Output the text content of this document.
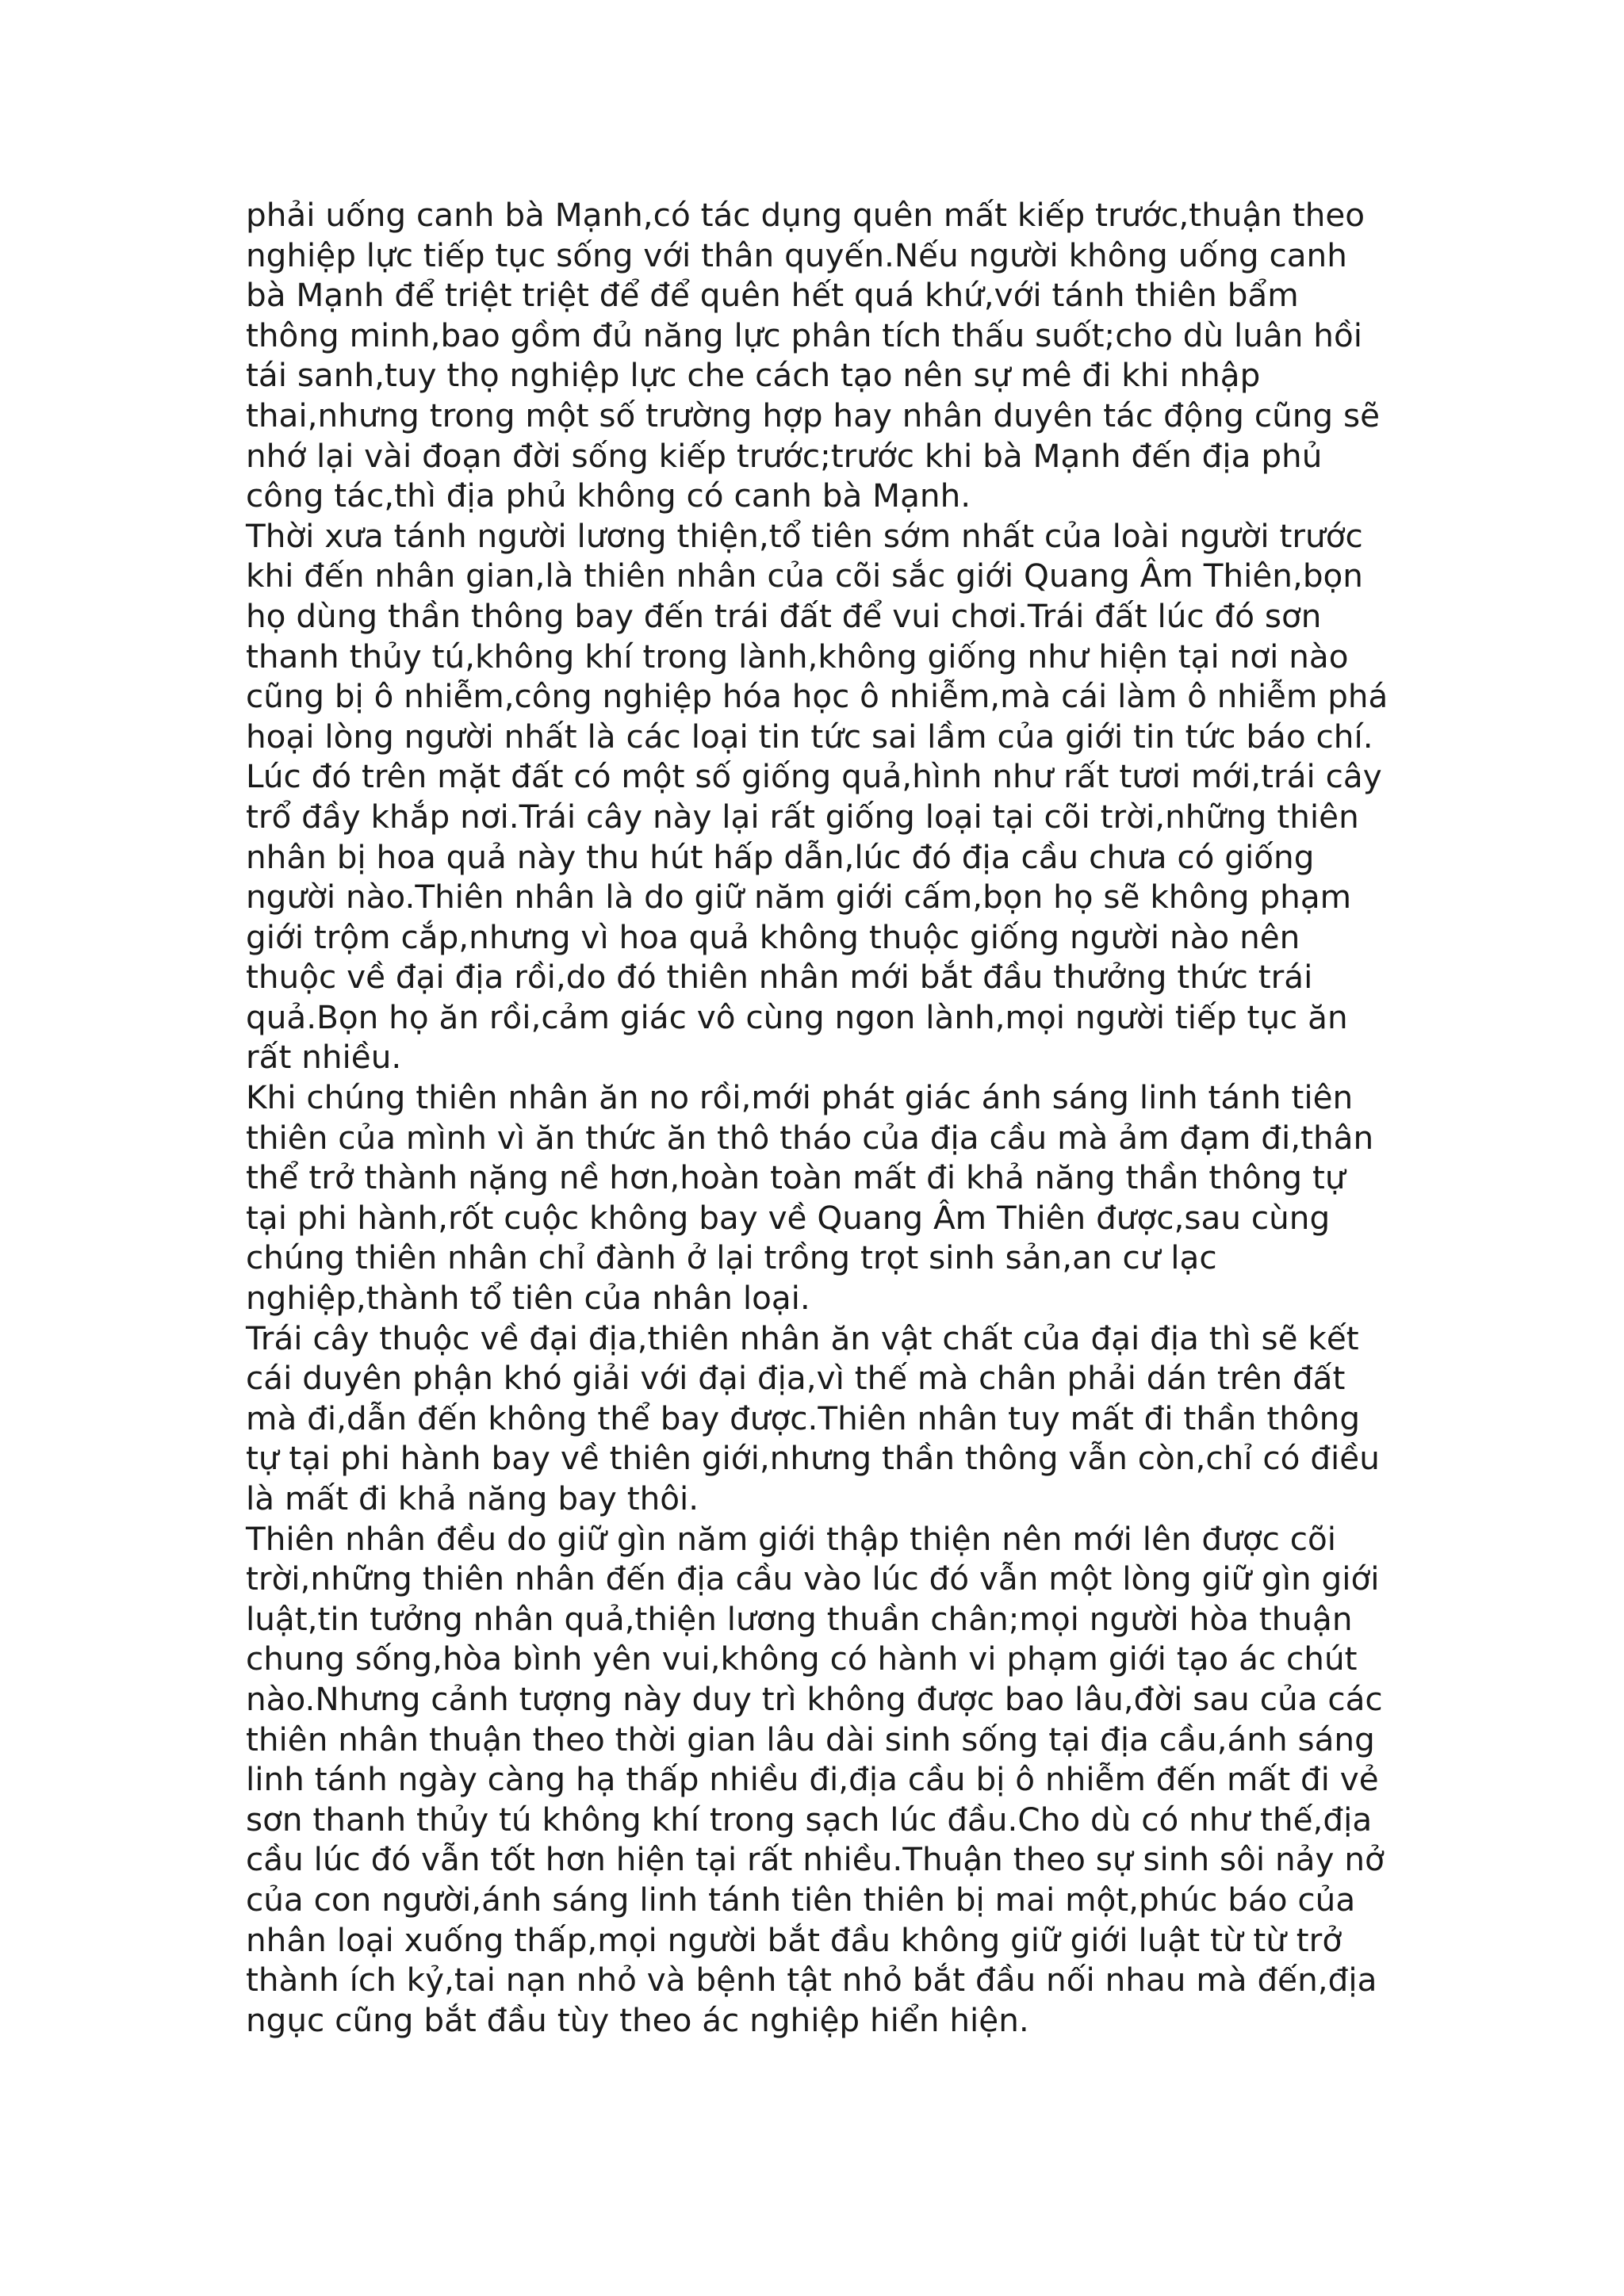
phải uống canh bà Mạnh,có tác dụng quên mất kiếp trước,thuận theo
nghiệp lực tiếp tục sống với thân quyến.Nếu người không uống canh
bà Mạnh để triệt triệt để để quên hết quá khứ,với tánh thiên bẩm
thông minh,bao gồm đủ năng lực phân tích thấu suốt;cho dù luân hồi
tái sanh,tuy thọ nghiệp lực che cách tạo nên sự mê đi khi nhập
thai,nhưng trong một số trường hợp hay nhân duyên tác động cũng sẽ
nhớ lại vài đoạn đời sống kiếp trước;trước khi bà Mạnh đến địa phủ
công tác,thì địa phủ không có canh bà Mạnh.
Thời xưa tánh người lương thiện,tổ tiên sớm nhất của loài người trước
khi đến nhân gian,là thiên nhân của cõi sắc giới Quang Âm Thiên,bọn
họ dùng thần thông bay đến trái đất để vui chơi.Trái đất lúc đó sơn
thanh thủy tú,không khí trong lành,không giống như hiện tại nơi nào
cũng bị ô nhiễm,công nghiệp hóa học ô nhiễm,mà cái làm ô nhiễm phá
hoại lòng người nhất là các loại tin tức sai lầm của giới tin tức báo chí.
Lúc đó trên mặt đất có một số giống quả,hình như rất tươi mới,trái cây
trổ đầy khắp nơi.Trái cây này lại rất giống loại tại cõi trời,những thiên
nhân bị hoa quả này thu hút hấp dẫn,lúc đó địa cầu chưa có giống
người nào.Thiên nhân là do giữ năm giới cấm,bọn họ sẽ không phạm
giới trộm cắp,nhưng vì hoa quả không thuộc giống người nào nên
thuộc về đại địa rồi,do đó thiên nhân mới bắt đầu thưởng thức trái
quả.Bọn họ ăn rồi,cảm giác vô cùng ngon lành,mọi người tiếp tục ăn
rất nhiều.
Khi chúng thiên nhân ăn no rồi,mới phát giác ánh sáng linh tánh tiên
thiên của mình vì ăn thức ăn thô tháo của địa cầu mà ảm đạm đi,thân
thể trở thành nặng nề hơn,hoàn toàn mất đi khả năng thần thông tự
tại phi hành,rốt cuộc không bay về Quang Âm Thiên được,sau cùng
chúng thiên nhân chỉ đành ở lại trồng trọt sinh sản,an cư lạc
nghiệp,thành tổ tiên của nhân loại.
Trái cây thuộc về đại địa,thiên nhân ăn vật chất của đại địa thì sẽ kết
cái duyên phận khó giải với đại địa,vì thế mà chân phải dán trên đất
mà đi,dẫn đến không thể bay được.Thiên nhân tuy mất đi thần thông
tự tại phi hành bay về thiên giới,nhưng thần thông vẫn còn,chỉ có điều
là mất đi khả năng bay thôi.
Thiên nhân đều do giữ gìn năm giới thập thiện nên mới lên được cõi
trời,những thiên nhân đến địa cầu vào lúc đó vẫn một lòng giữ gìn giới
luật,tin tưởng nhân quả,thiện lương thuần chân;mọi người hòa thuận
chung sống,hòa bình yên vui,không có hành vi phạm giới tạo ác chút
nào.Nhưng cảnh tượng này duy trì không được bao lâu,đời sau của các
thiên nhân thuận theo thời gian lâu dài sinh sống tại địa cầu,ánh sáng
linh tánh ngày càng hạ thấp nhiều đi,địa cầu bị ô nhiễm đến mất đi vẻ
sơn thanh thủy tú không khí trong sạch lúc đầu.Cho dù có như thế,địa
cầu lúc đó vẫn tốt hơn hiện tại rất nhiều.Thuận theo sự sinh sôi nảy nở
của con người,ánh sáng linh tánh tiên thiên bị mai một,phúc báo của
nhân loại xuống thấp,mọi người bắt đầu không giữ giới luật từ từ trở
thành ích kỷ,tai nạn nhỏ và bệnh tật nhỏ bắt đầu nối nhau mà đến,địa
ngục cũng bắt đầu tùy theo ác nghiệp hiển hiện.
